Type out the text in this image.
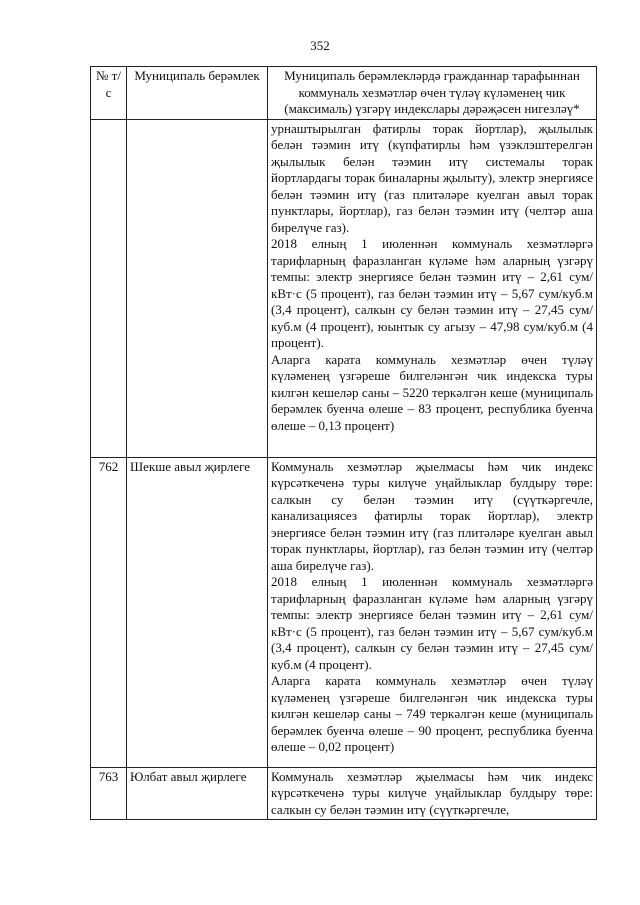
352
№ т/с	Муниципаль берәмлек	Муниципаль берәмлекләрдә гражданнар тарафыннан коммуналь хезмәтләр өчен түләү күләменең чик (максималь) үзгәрү индекслары дәрәҗәсен нигезләү*

		урнаштырылган фатирлы торак йортлар), җылылык белән тәэмин итү (күпфатирлы һәм үзэклэштерелгән җылылык белән тәэмин итү системалы торак йортлардагы торак биналарны җылыту), электр энергиясе белән тәэмин итү (газ плитәләре куелган авыл торак пунктлары, йортлар), газ белән тәэмин итү (челтәр аша бирелүче газ).

2018 елның 1 июленнән коммуналь хезмәтләргә тарифларның фаразланган күләме һәм аларның үзгәрү темпы: электр энергиясе белән тәэмин итү – 2,61 сум/кВт·с (5 процент), газ белән тәэмин итү – 5,67 сум/куб.м (3,4 процент), салкын су белән тәэмин итү – 27,45 сум/куб.м (4 процент), юынтык су агызу – 47,98 сум/куб.м (4 процент).

Аларга карата коммуналь хезмәтләр өчен түләү күләменең үзгәреше билгеләнгән чик индекска туры килгән кешеләр саны – 5220 теркәлгән кеше (муниципаль берәмлек буенча өлеше – 83 процент, республика буенча өлеше – 0,13 процент)

762	Шекше авыл җирлеге	Коммуналь хезмәтләр җыелмасы һәм чик индекс күрсәткеченә туры килүче уңайлыклар булдыру төре: салкын су белән тәэмин итү (сүүткәргечле, канализациясез фатирлы торак йортлар), электр энергиясе белән тәэмин итү (газ плитәләре куелган авыл торак пунктлары, йортлар), газ белән тәэмин итү (челтәр аша бирелүче газ).

2018 елның 1 июленнән коммуналь хезмәтләргә тарифларның фаразланган күләме һәм аларның үзгәрү темпы: электр энергиясе белән тәэмин итү – 2,61 сум/кВт·с (5 процент), газ белән тәэмин итү – 5,67 сум/куб.м (3,4 процент), салкын су белән тәэмин итү – 27,45 сум/куб.м (4 процент).

Аларга карата коммуналь хезмәтләр өчен түләү күләменең үзгәреше билгеләнгән чик индекска туры килгән кешеләр саны – 749 теркәлгән кеше (муниципаль берәмлек буенча өлеше – 90 процент, республика буенча өлеше – 0,02 процент)

763	Юлбат авыл җирлеге	Коммуналь хезмәтләр җыелмасы һәм чик индекс күрсәткеченә туры килүче уңайлыклар булдыру төре: салкын су белән тәэмин итү (сүүткәргечле,
